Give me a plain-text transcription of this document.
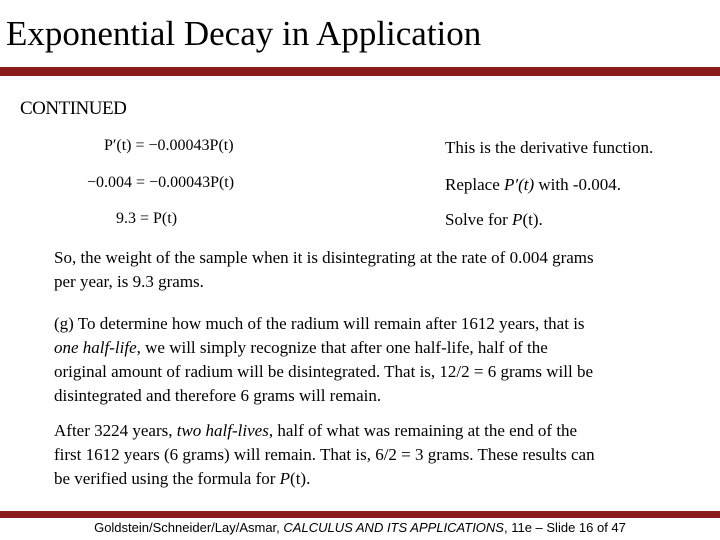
Exponential Decay in Application
CONTINUED
P′(t) = −0.00043P(t)
−0.004 = −0.00043P(t)
9.3 = P(t)
This is the derivative function.
Replace P′(t) with -0.004.
Solve for P(t).
So, the weight of the sample when it is disintegrating at the rate of 0.004 grams
per year, is 9.3 grams.
(g) To determine how much of the radium will remain after 1612 years, that is
one half-life, we will simply recognize that after one half-life, half of the
original amount of radium will be disintegrated. That is, 12/2 = 6 grams will be
disintegrated and therefore 6 grams will remain.
After 3224 years, two half-lives, half of what was remaining at the end of the
first 1612 years (6 grams) will remain. That is, 6/2 = 3 grams. These results can
be verified using the formula for P(t).
Goldstein/Schneider/Lay/Asmar, CALCULUS AND ITS APPLICATIONS, 11e – Slide 16 of 47
